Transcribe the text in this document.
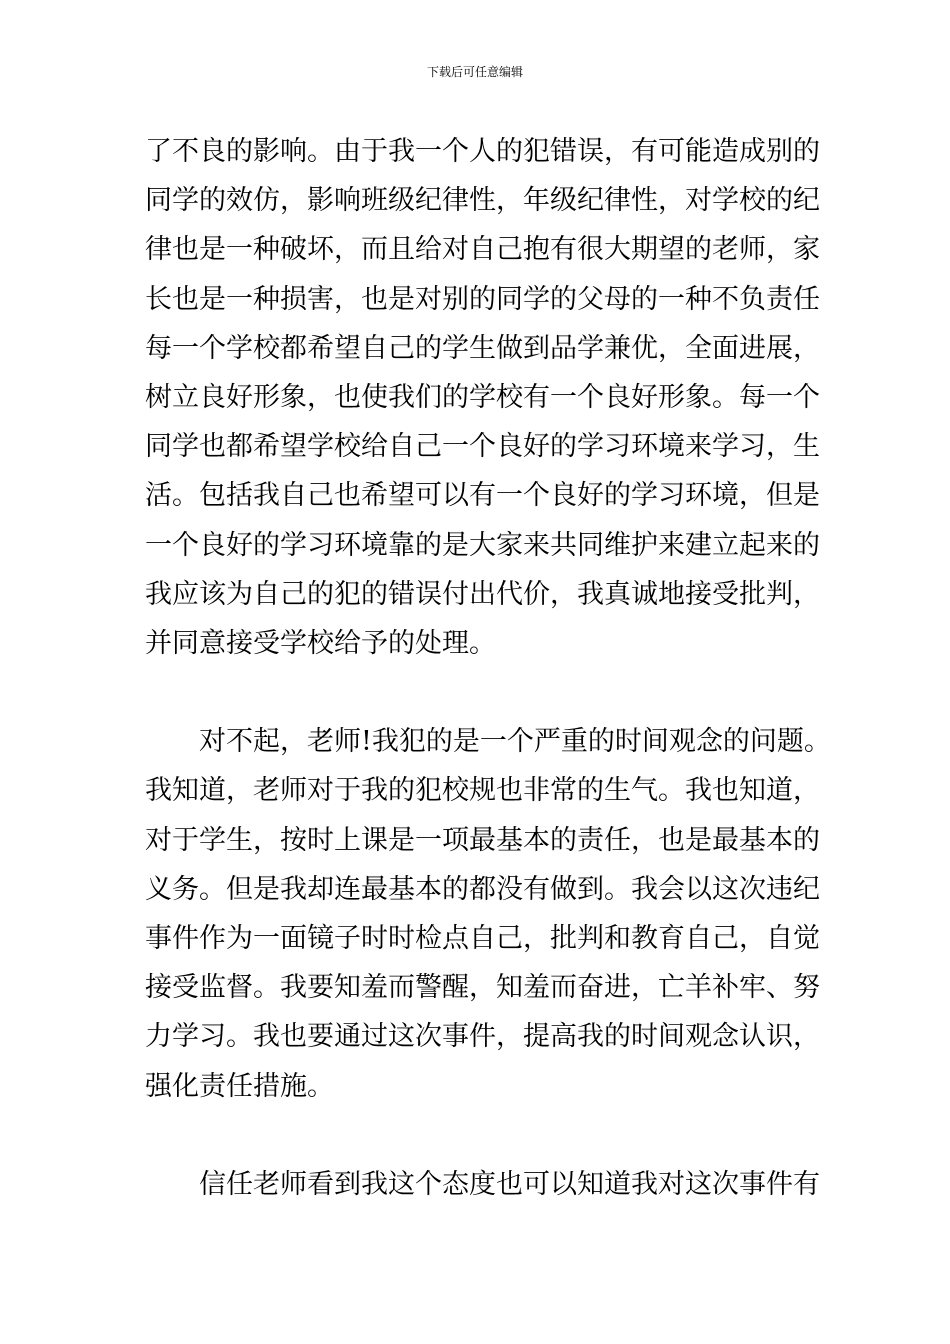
下载后可任意编辑
了不良的影响。由于我一个人的犯错误，有可能造成别的
同学的效仿，影响班级纪律性，年级纪律性，对学校的纪
律也是一种破坏，而且给对自己抱有很大期望的老师，家
长也是一种损害，也是对别的同学的父母的一种不负责任
每一个学校都希望自己的学生做到品学兼优，全面进展，
树立良好形象，也使我们的学校有一个良好形象。每一个
同学也都希望学校给自己一个良好的学习环境来学习，生
活。包括我自己也希望可以有一个良好的学习环境，但是
一个良好的学习环境靠的是大家来共同维护来建立起来的
我应该为自己的犯的错误付出代价，我真诚地接受批判，
并同意接受学校给予的处理。
对不起，老师!我犯的是一个严重的时间观念的问题。
我知道，老师对于我的犯校规也非常的生气。我也知道，
对于学生，按时上课是一项最基本的责任，也是最基本的
义务。但是我却连最基本的都没有做到。我会以这次违纪
事件作为一面镜子时时检点自己，批判和教育自己，自觉
接受监督。我要知羞而警醒，知羞而奋进，亡羊补牢、努
力学习。我也要通过这次事件，提高我的时间观念认识，
强化责任措施。
信任老师看到我这个态度也可以知道我对这次事件有
